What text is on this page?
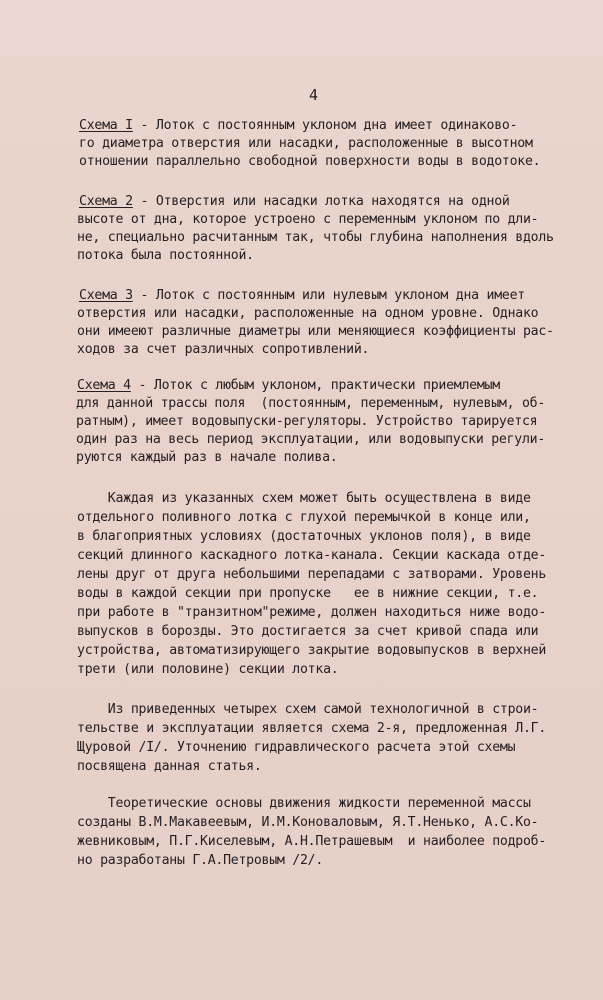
4
Схема I - Лоток с постоянным уклоном дна имеет одинаково-
го диаметра отверстия или насадки, расположенные в высотном
отношении параллельно свободной поверхности воды в водотоке.
Схема 2 - Отверстия или насадки лотка находятся на одной
высоте от дна, которое устроено с переменным уклоном по дли-
не, специально расчитанным так, чтобы глубина наполнения вдоль
потока была постоянной.
Схема 3 - Лоток с постоянным или нулевым уклоном дна имеет
отверстия или насадки, расположенные на одном уровне. Однако
они имееют различные диаметры или меняющиеся коэффициенты рас-
ходов за счет различных сопротивлений.
Схема 4 - Лоток с любым уклоном, практически приемлемым
для данной трассы поля  (постоянным, переменным, нулевым, об-
ратным), имеет водовыпуски-регуляторы. Устройство тарируется
один раз на весь период эксплуатации, или водовыпуски регули-
руются каждый раз в начале полива.
Каждая из указанных схем может быть осуществлена в виде
отдельного поливного лотка с глухой перемычкой в конце или,
в благоприятных условиях (достаточных уклонов поля), в виде
секций длинного каскадного лотка-канала. Секции каскада отде-
лены друг от друга небольшими перепадами с затворами. Уровень
воды в каждой секции при пропуске   ее в нижние секции, т.е.
при работе в "транзитном"режиме, должен находиться ниже водо-
выпусков в борозды. Это достигается за счет кривой спада или
устройства, автоматизирующего закрытие водовыпусков в верхней
трети (или половине) секции лотка.
Из приведенных четырех схем самой технологичной в строи-
тельстве и эксплуатации является схема 2-я, предложенная Л.Г.
Щуровой /I/. Уточнению гидравлического расчета этой схемы
посвящена данная статья.
Теоретические основы движения жидкости переменной массы
созданы В.М.Макавеевым, И.М.Коноваловым, Я.Т.Ненько, А.С.Ко-
жевниковым, П.Г.Киселевым, А.Н.Петрашевым  и наиболее подроб-
но разработаны Г.А.Петровым /2/.
